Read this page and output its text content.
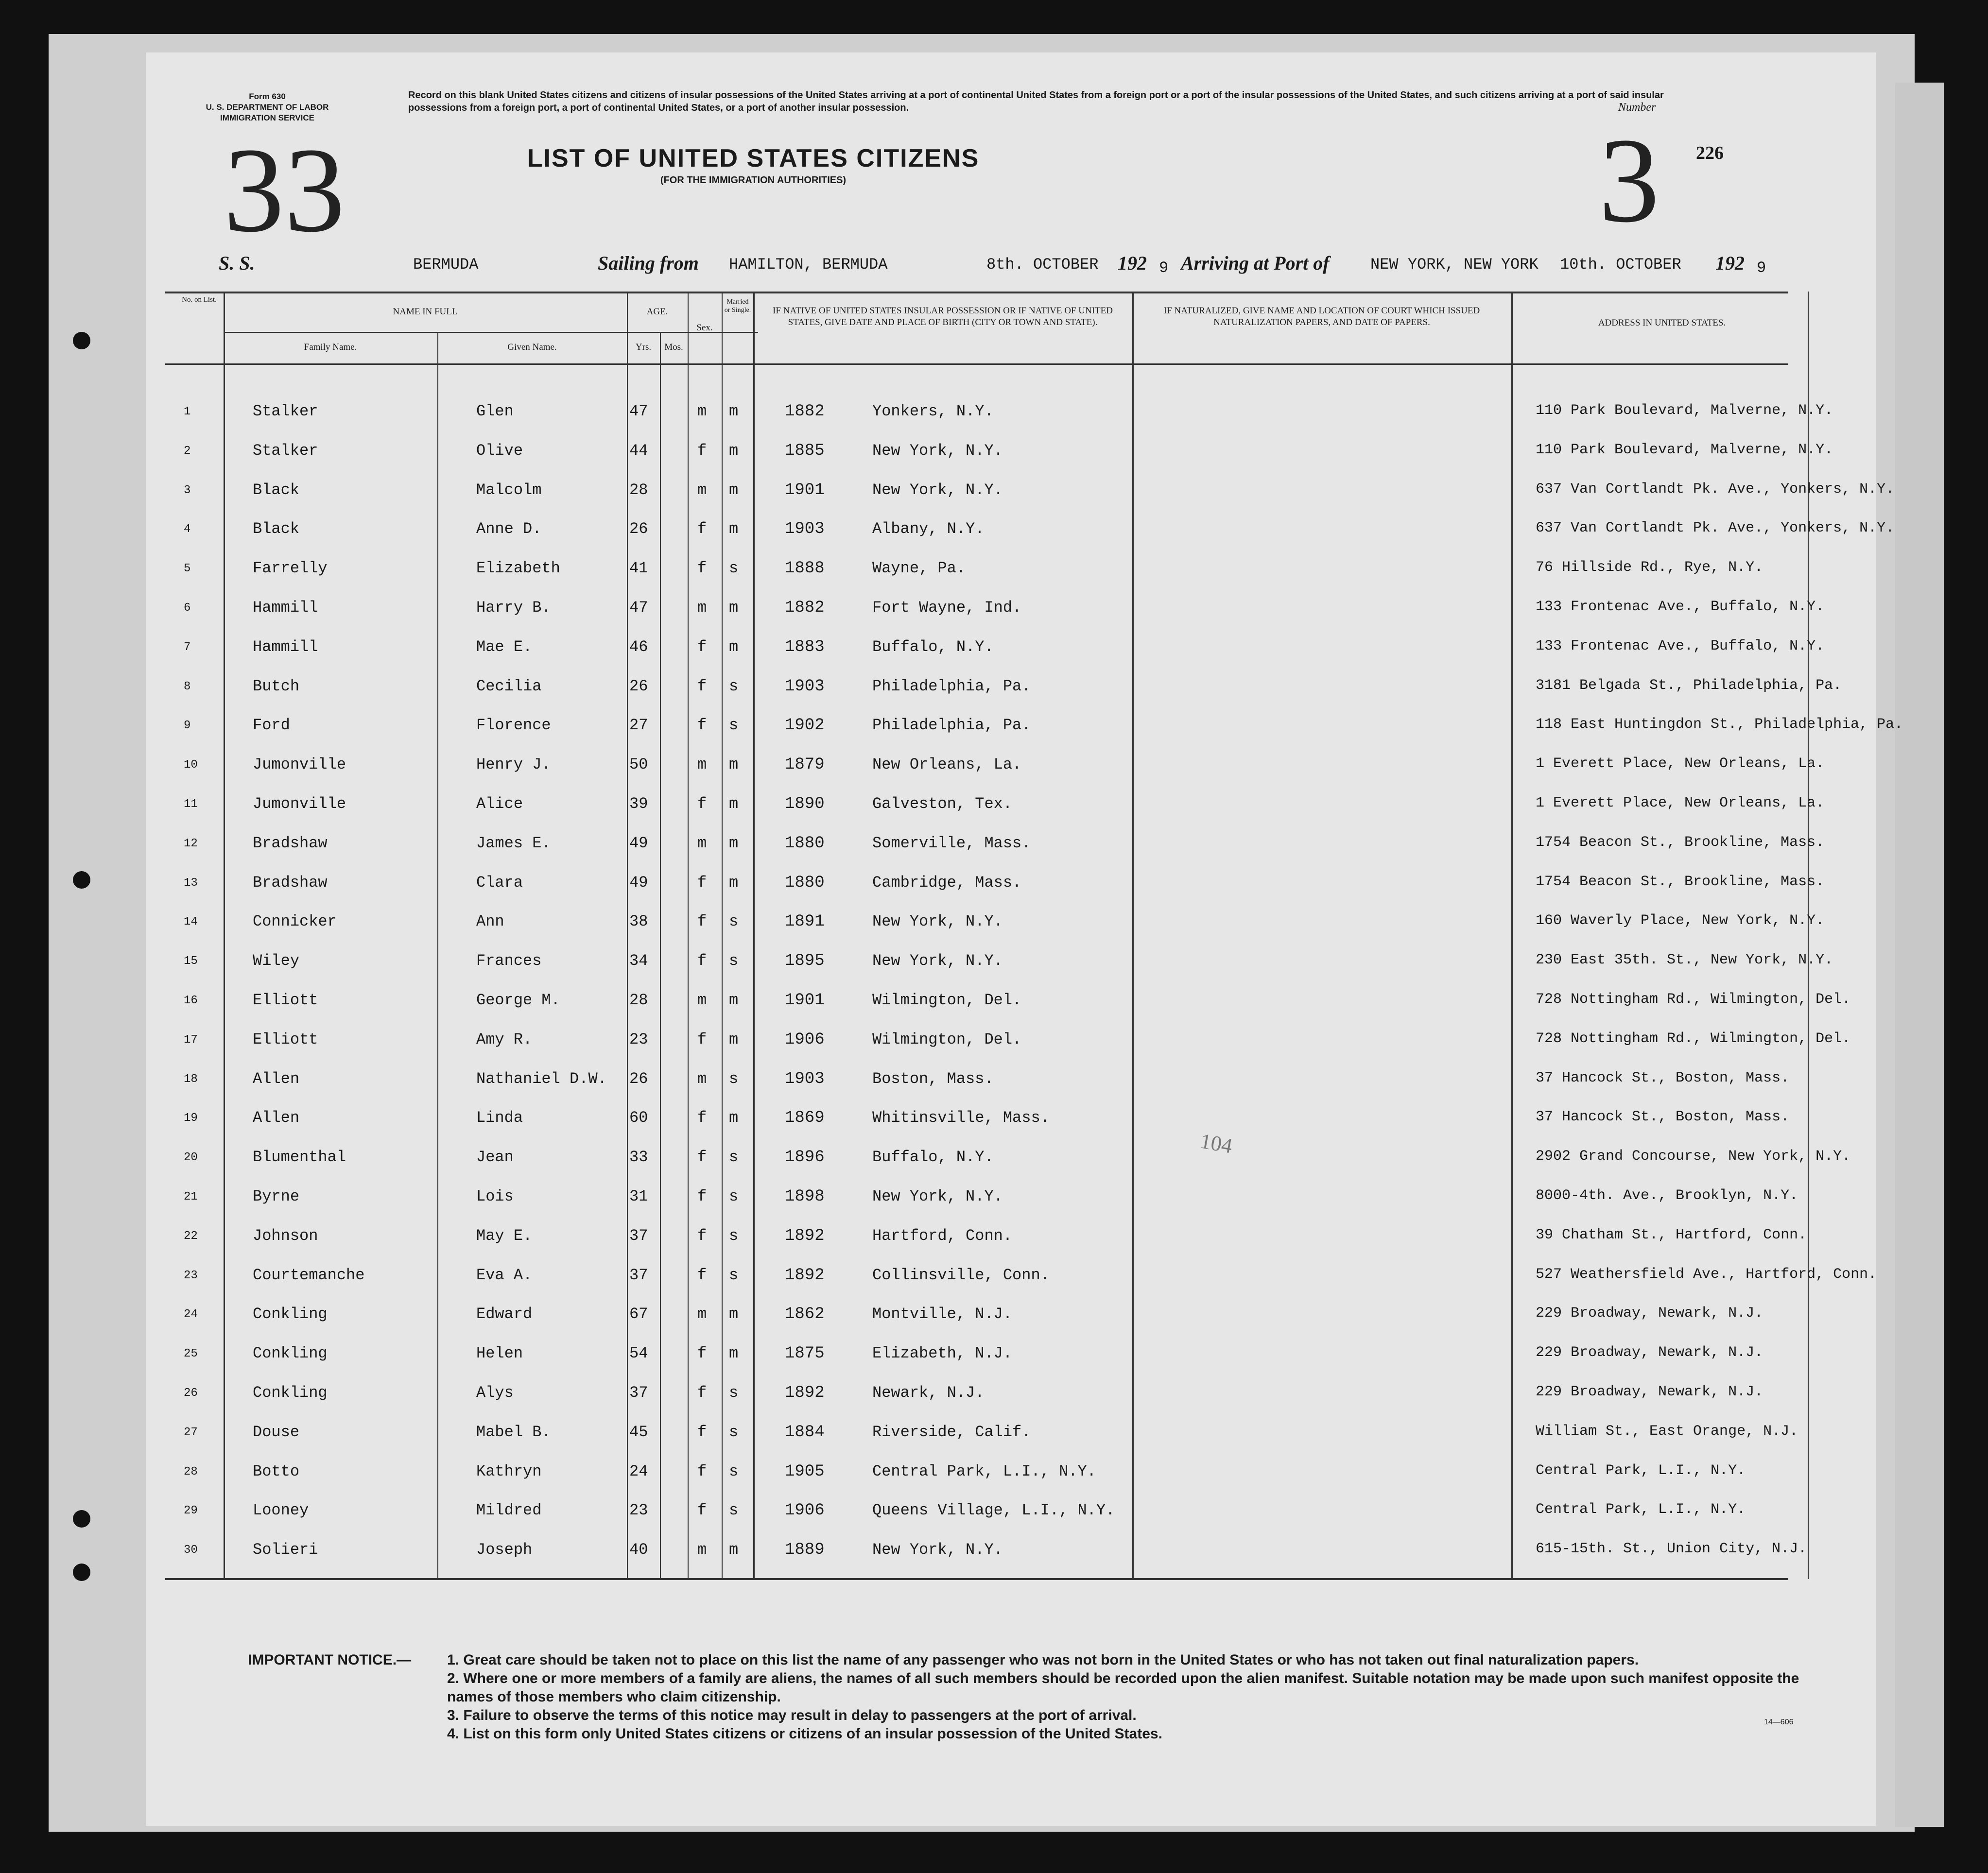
Form 630
U. S. DEPARTMENT OF LABOR
IMMIGRATION SERVICE
Record on this blank United States citizens and citizens of insular possessions of the United States arriving at a port of continental United States from a foreign port or a port of the insular possessions of the United States, and such citizens arriving at a port of said insular possessions from a foreign port, a port of continental United States, or a port of another insular possession.	Number
226
LIST OF UNITED STATES CITIZENS
(FOR THE IMMIGRATION AUTHORITIES)
33	3
S. S.	BERMUDA	Sailing from HAMILTON, BERMUDA	8th. OCTOBER 192 9 Arriving at Port of	NEW YORK, NEW YORK 10th. OCTOBER 192 9
No. on List.
NAME IN FULL
Family Name.	Given Name.
AGE.
Yrs.	Mos.
Sex.
Married or Single.	IF NATIVE OF UNITED STATES INSULAR POSSESSION OR IF NATIVE OF UNITED STATES, GIVE DATE AND PLACE OF BIRTH (CITY OR TOWN AND STATE).
IF NATURALIZED, GIVE NAME AND LOCATION OF COURT WHICH ISSUED NATURALIZATION PAPERS, AND DATE OF PAPERS.	ADDRESS IN UNITED STATES.
1	Stalker	Glen	47	m m	1882	Yonkers, N.Y.	110 Park Boulevard, Malverne, N.Y.
2	Stalker	Olive	44	f m	1885	New York, N.Y.	110 Park Boulevard, Malverne, N.Y.
3	Black	Malcolm	28	m m	1901	New York, N.Y.	637 Van Cortlandt Pk. Ave., Yonkers, N.Y.
4	Black	Anne D.	26	f m	1903	Albany, N.Y.	637 Van Cortlandt Pk. Ave., Yonkers, N.Y.
5	Farrelly	Elizabeth	41	f s	1888	Wayne, Pa.	76 Hillside Rd., Rye, N.Y.
6	Hammill	Harry B.	47	m m	1882	Fort Wayne, Ind.	133 Frontenac Ave., Buffalo, N.Y.
7	Hammill	Mae E.	46	f m	1883	Buffalo, N.Y.	133 Frontenac Ave., Buffalo, N.Y.
8	Butch	Cecilia	26	f s	1903	Philadelphia, Pa.	3181 Belgada St., Philadelphia, Pa.
9	Ford	Florence	27	f s	1902	Philadelphia, Pa.	118 East Huntingdon St., Philadelphia, Pa.
10	Jumonville	Henry J.	50	m m	1879	New Orleans, La.	1 Everett Place, New Orleans, La.
11	Jumonville	Alice	39	f m	1890	Galveston, Tex.	1 Everett Place, New Orleans, La.
12	Bradshaw	James E.	49	m m	1880	Somerville, Mass.	1754 Beacon St., Brookline, Mass.
13	Bradshaw	Clara	49	f m	1880	Cambridge, Mass.	1754 Beacon St., Brookline, Mass.
14	Connicker	Ann	38	f s	1891	New York, N.Y.	160 Waverly Place, New York, N.Y.
15	Wiley	Frances	34	f s	1895	New York, N.Y.	230 East 35th. St., New York, N.Y.
16	Elliott	George M.	28	m m	1901	Wilmington, Del.	728 Nottingham Rd., Wilmington, Del.
17	Elliott	Amy R.	23	f m	1906	Wilmington, Del.	728 Nottingham Rd., Wilmington, Del.
18	Allen	Nathaniel D.W. 26	m s	1903	Boston, Mass.	37 Hancock St., Boston, Mass.
19	Allen	Linda	60	f m	1869	Whitinsville, Mass.	37 Hancock St., Boston, Mass.
20	Blumenthal	Jean	33	f s	1896	Buffalo, N.Y.	2902 Grand Concourse, New York, N.Y.
21	Byrne	Lois	31	f s	1898	New York, N.Y.	8000-4th. Ave., Brooklyn, N.Y.
22	Johnson	May E.	37	f s	1892	Hartford, Conn.	39 Chatham St., Hartford, Conn.
23	Courtemanche	Eva A.	37	f s	1892	Collinsville, Conn.	527 Weathersfield Ave., Hartford, Conn.
24	Conkling	Edward	67	m m	1862	Montville, N.J.	229 Broadway, Newark, N.J.
25	Conkling	Helen	54	f m	1875	Elizabeth, N.J.	229 Broadway, Newark, N.J.
26	Conkling	Alys	37	f s	1892	Newark, N.J.	229 Broadway, Newark, N.J.
27	Douse	Mabel B.	45	f s	1884	Riverside, Calif.	William St., East Orange, N.J.
28	Botto	Kathryn	24	f s	1905	Central Park, L.I., N.Y.	Central Park, L.I., N.Y.
29	Looney	Mildred	23	f s	1906	Queens Village, L.I., N.Y.	Central Park, L.I., N.Y.
30	Solieri	Joseph	40	m m	1889	New York, N.Y.	615-15th. St., Union City, N.J.
104
IMPORTANT NOTICE.— 1. Great care should be taken not to place on this list the name of any passenger who was not born in the United States or who has not taken out final naturalization papers.
2. Where one or more members of a family are aliens, the names of all such members should be recorded upon the alien manifest. Suitable notation may be made upon such manifest opposite the names of those members who claim citizenship.
3. Failure to observe the terms of this notice may result in delay to passengers at the port of arrival.
4. List on this form only United States citizens or citizens of an insular possession of the United States.
14—606
